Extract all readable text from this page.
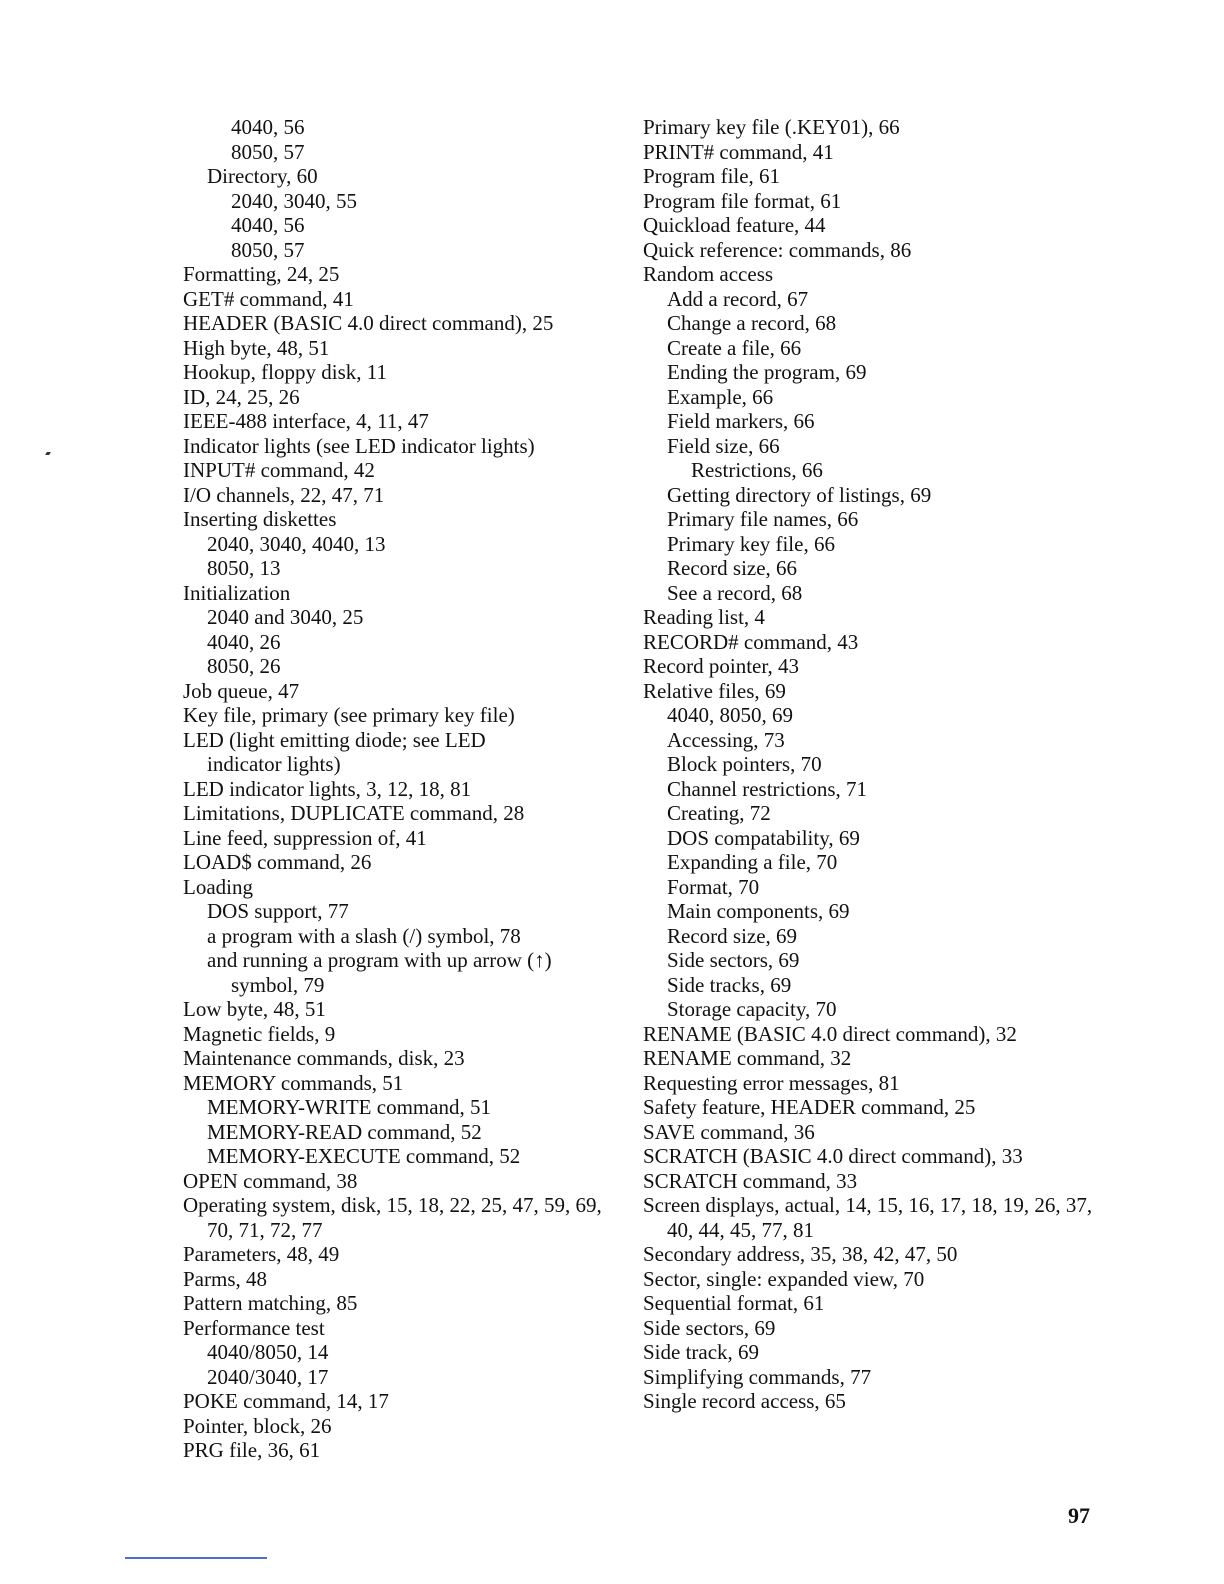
4040, 56
8050, 57
Directory, 60
2040, 3040, 55
4040, 56
8050, 57
Formatting, 24, 25
GET# command, 41
HEADER (BASIC 4.0 direct command), 25
High byte, 48, 51
Hookup, floppy disk, 11
ID, 24, 25, 26
IEEE-488 interface, 4, 11, 47
Indicator lights (see LED indicator lights)
INPUT# command, 42
I/O channels, 22, 47, 71
Inserting diskettes
2040, 3040, 4040, 13
8050, 13
Initialization
2040 and 3040, 25
4040, 26
8050, 26
Job queue, 47
Key file, primary (see primary key file)
LED (light emitting diode; see LED indicator lights)
LED indicator lights, 3, 12, 18, 81
Limitations, DUPLICATE command, 28
Line feed, suppression of, 41
LOAD$ command, 26
Loading
DOS support, 77
a program with a slash (/) symbol, 78
and running a program with up arrow (↑) symbol, 79
Low byte, 48, 51
Magnetic fields, 9
Maintenance commands, disk, 23
MEMORY commands, 51
MEMORY-WRITE command, 51
MEMORY-READ command, 52
MEMORY-EXECUTE command, 52
OPEN command, 38
Operating system, disk, 15, 18, 22, 25, 47, 59, 69, 70, 71, 72, 77
Parameters, 48, 49
Parms, 48
Pattern matching, 85
Performance test
4040/8050, 14
2040/3040, 17
POKE command, 14, 17
Pointer, block, 26
PRG file, 36, 61
Primary key file (.KEY01), 66
PRINT# command, 41
Program file, 61
Program file format, 61
Quickload feature, 44
Quick reference: commands, 86
Random access
Add a record, 67
Change a record, 68
Create a file, 66
Ending the program, 69
Example, 66
Field markers, 66
Field size, 66
Restrictions, 66
Getting directory of listings, 69
Primary file names, 66
Primary key file, 66
Record size, 66
See a record, 68
Reading list, 4
RECORD# command, 43
Record pointer, 43
Relative files, 69
4040, 8050, 69
Accessing, 73
Block pointers, 70
Channel restrictions, 71
Creating, 72
DOS compatability, 69
Expanding a file, 70
Format, 70
Main components, 69
Record size, 69
Side sectors, 69
Side tracks, 69
Storage capacity, 70
RENAME (BASIC 4.0 direct command), 32
RENAME command, 32
Requesting error messages, 81
Safety feature, HEADER command, 25
SAVE command, 36
SCRATCH (BASIC 4.0 direct command), 33
SCRATCH command, 33
Screen displays, actual, 14, 15, 16, 17, 18, 19, 26, 37, 40, 44, 45, 77, 81
Secondary address, 35, 38, 42, 47, 50
Sector, single: expanded view, 70
Sequential format, 61
Side sectors, 69
Side track, 69
Simplifying commands, 77
Single record access, 65
97
